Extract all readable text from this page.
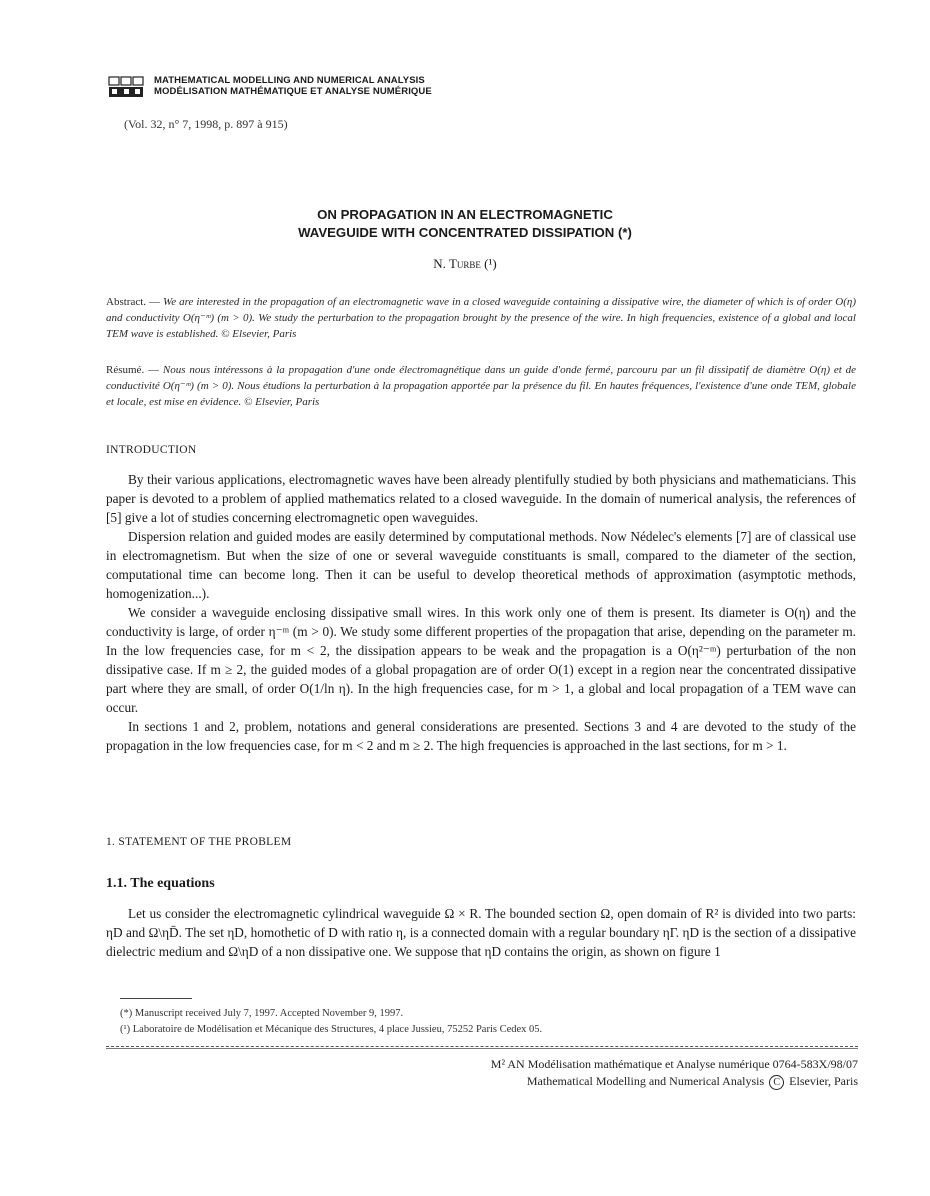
MATHEMATICAL MODELLING AND NUMERICAL ANALYSIS
MODÉLISATION MATHÉMATIQUE ET ANALYSE NUMÉRIQUE
(Vol. 32, n° 7, 1998, p. 897 à 915)
ON PROPAGATION IN AN ELECTROMAGNETIC
WAVEGUIDE WITH CONCENTRATED DISSIPATION (*)
N. Turbe (¹)
Abstract. — We are interested in the propagation of an electromagnetic wave in a closed waveguide containing a dissipative wire, the diameter of which is of order O(η) and conductivity O(η⁻ᵐ) (m > 0). We study the perturbation to the propagation brought by the presence of the wire. In high frequencies, existence of a global and local TEM wave is established. © Elsevier, Paris
Résumé. — Nous nous intéressons à la propagation d'une onde électromagnétique dans un guide d'onde fermé, parcouru par un fil dissipatif de diamètre O(η) et de conductivité O(η⁻ᵐ) (m > 0). Nous étudions la perturbation à la propagation apportée par la présence du fil. En hautes fréquences, l'existence d'une onde TEM, globale et locale, est mise en évidence. © Elsevier, Paris
INTRODUCTION

By their various applications, electromagnetic waves have been already plentifully studied by both physicians and mathematicians. This paper is devoted to a problem of applied mathematics related to a closed waveguide. In the domain of numerical analysis, the references of [5] give a lot of studies concerning electromagnetic open waveguides.

Dispersion relation and guided modes are easily determined by computational methods. Now Nédelec's elements [7] are of classical use in electromagnetism. But when the size of one or several waveguide constituants is small, compared to the diameter of the section, computational time can become long. Then it can be useful to develop theoretical methods of approximation (asymptotic methods, homogenization...).

We consider a waveguide enclosing dissipative small wires. In this work only one of them is present. Its diameter is O(η) and the conductivity is large, of order η⁻ᵐ (m > 0). We study some different properties of the propagation that arise, depending on the parameter m. In the low frequencies case, for m < 2, the dissipation appears to be weak and the propagation is a O(η²⁻ᵐ) perturbation of the non dissipative case. If m ≥ 2, the guided modes of a global propagation are of order O(1) except in a region near the concentrated dissipative part where they are small, of order O(1/ln η). In the high frequencies case, for m > 1, a global and local propagation of a TEM wave can occur.

In sections 1 and 2, problem, notations and general considerations are presented. Sections 3 and 4 are devoted to the study of the propagation in the low frequencies case, for m < 2 and m ≥ 2. The high frequencies is approached in the last sections, for m > 1.

1. STATEMENT OF THE PROBLEM
1.1. The equations

Let us consider the electromagnetic cylindrical waveguide Ω × R. The bounded section Ω, open domain of R² is divided into two parts: ηD and Ω\ηD̄. The set ηD, homothetic of D with ratio η, is a connected domain with a regular boundary ηΓ. ηD is the section of a dissipative dielectric medium and Ω\ηD of a non dissipative one. We suppose that ηD contains the origin, as shown on figure 1

(*) Manuscript received July 7, 1997. Accepted November 9, 1997.
(¹) Laboratoire de Modélisation et Mécanique des Structures, 4 place Jussieu, 75252 Paris Cedex 05.
M² AN Modélisation mathématique et Analyse numérique 0764-583X/98/07
Mathematical Modelling and Numerical Analysis C Elsevier, Paris
